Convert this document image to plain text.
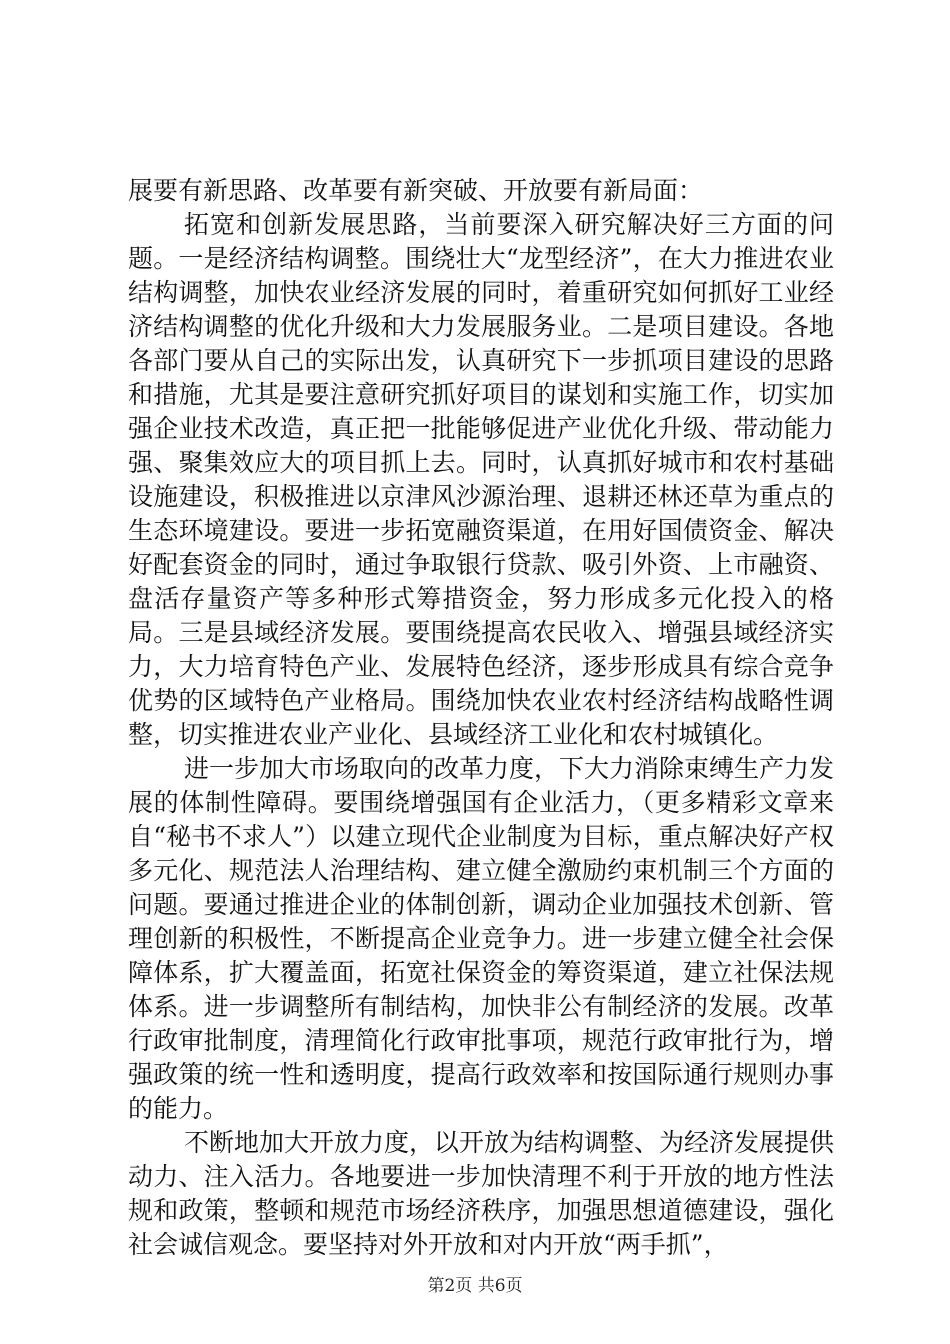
展要有新思路、改革要有新突破、开放要有新局面：

拓宽和创新发展思路，当前要深入研究解决好三方面的问题。一是经济结构调整。围绕壮大“龙型经济”，在大力推进农业结构调整，加快农业经济发展的同时，着重研究如何抓好工业经济结构调整的优化升级和大力发展服务业。二是项目建设。各地各部门要从自己的实际出发，认真研究下一步抓项目建设的思路和措施，尤其是要注意研究抓好项目的谋划和实施工作，切实加强企业技术改造，真正把一批能够促进产业优化升级、带动能力强、聚集效应大的项目抓上去。同时，认真抓好城市和农村基础设施建设，积极推进以京津风沙源治理、退耕还林还草为重点的生态环境建设。要进一步拓宽融资渠道，在用好国债资金、解决好配套资金的同时，通过争取银行贷款、吸引外资、上市融资、盘活存量资产等多种形式筹措资金，努力形成多元化投入的格局。三是县域经济发展。要围绕提高农民收入、增强县域经济实力，大力培育特色产业、发展特色经济，逐步形成具有综合竞争优势的区域特色产业格局。围绕加快农业农村经济结构战略性调整，切实推进农业产业化、县域经济工业化和农村城镇化。

进一步加大市场取向的改革力度，下大力消除束缚生产力发展的体制性障碍。要围绕增强国有企业活力，（更多精彩文章来自“秘书不求人”）以建立现代企业制度为目标，重点解决好产权多元化、规范法人治理结构、建立健全激励约束机制三个方面的问题。要通过推进企业的体制创新，调动企业加强技术创新、管理创新的积极性，不断提高企业竞争力。进一步建立健全社会保障体系，扩大覆盖面，拓宽社保资金的筹资渠道，建立社保法规体系。进一步调整所有制结构，加快非公有制经济的发展。改革行政审批制度，清理简化行政审批事项，规范行政审批行为，增强政策的统一性和透明度，提高行政效率和按国际通行规则办事的能力。

不断地加大开放力度，以开放为结构调整、为经济发展提供动力、注入活力。各地要进一步加快清理不利于开放的地方性法规和政策，整顿和规范市场经济秩序，加强思想道德建设，强化社会诚信观念。要坚持对外开放和对内开放“两手抓”，

第2页 共6页
